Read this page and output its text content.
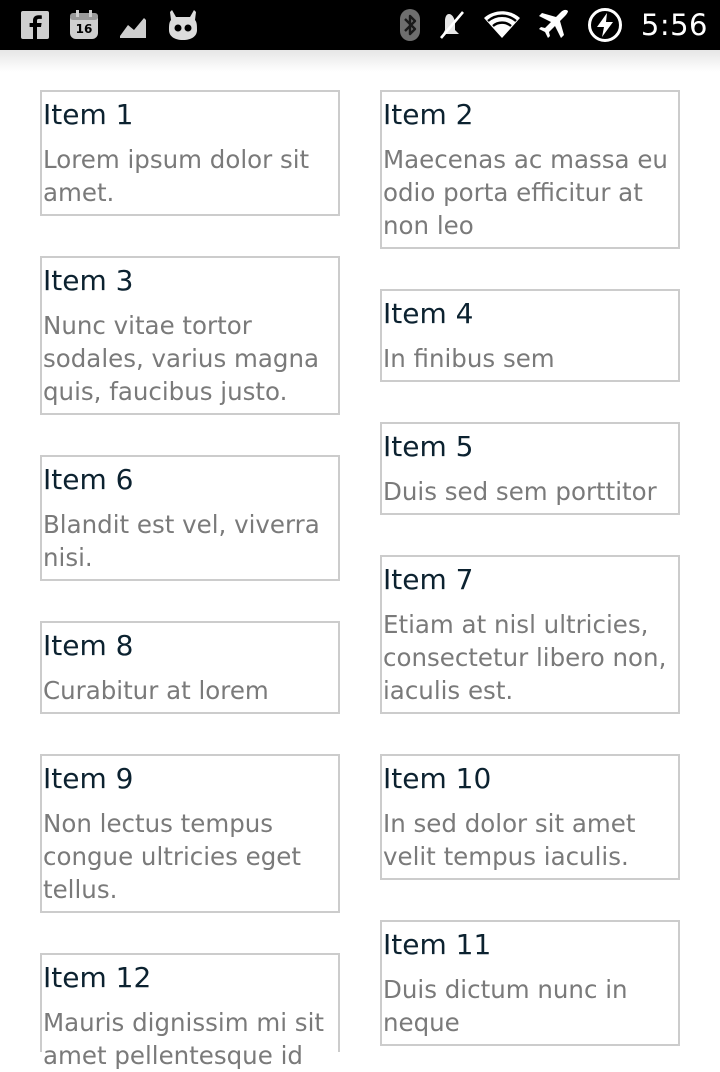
16	5:56
Item 1
Lorem ipsum dolor sit amet.
Item 2
Maecenas ac massa eu odio porta efficitur at non leo
Item 3
Nunc vitae tortor sodales, varius magna quis, faucibus justo.
Item 4
In finibus sem
Item 5
Duis sed sem porttitor
Item 6
Blandit est vel, viverra nisi.
Item 7
Etiam at nisl ultricies, consectetur libero non, iaculis est.
Item 8
Curabitur at lorem
Item 9
Non lectus tempus congue ultricies eget tellus.
Item 10
In sed dolor sit amet velit tempus iaculis.
Item 11
Duis dictum nunc in neque
Item 12
Mauris dignissim mi sit amet pellentesque id
